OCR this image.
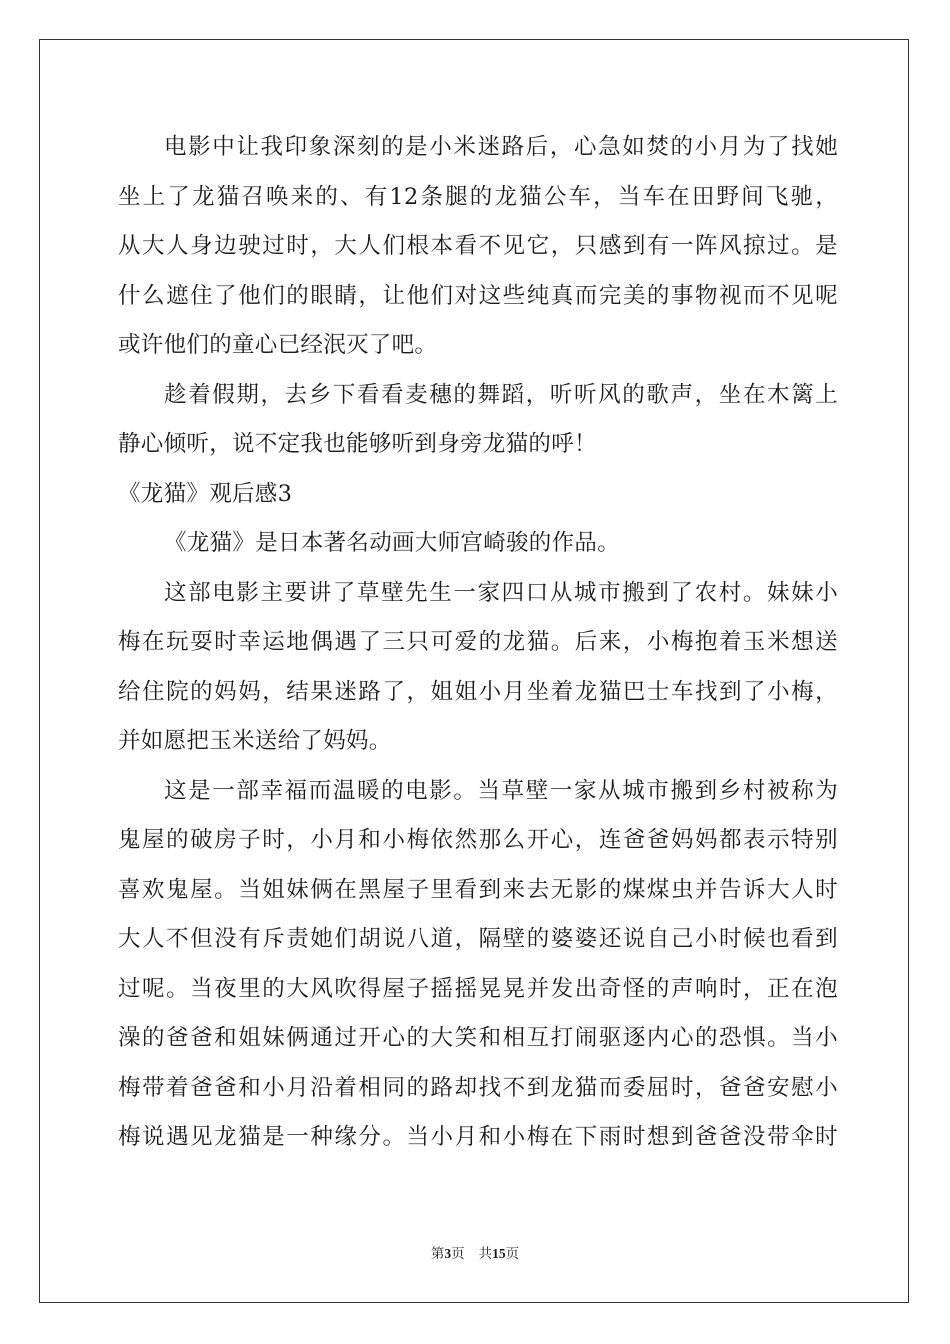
电影中让我印象深刻的是小米迷路后，心急如焚的小月为了找她
坐上了龙猫召唤来的、有12条腿的龙猫公车，当车在田野间飞驰，
从大人身边驶过时，大人们根本看不见它，只感到有一阵风掠过。是
什么遮住了他们的眼睛，让他们对这些纯真而完美的事物视而不见呢
或许他们的童心已经泯灭了吧。
趁着假期，去乡下看看麦穗的舞蹈，听听风的歌声，坐在木篱上
静心倾听，说不定我也能够听到身旁龙猫的呼！
《龙猫》观后感3
《龙猫》是日本著名动画大师宫崎骏的作品。
这部电影主要讲了草壁先生一家四口从城市搬到了农村。妹妹小
梅在玩耍时幸运地偶遇了三只可爱的龙猫。后来，小梅抱着玉米想送
给住院的妈妈，结果迷路了，姐姐小月坐着龙猫巴士车找到了小梅，
并如愿把玉米送给了妈妈。
这是一部幸福而温暖的电影。当草壁一家从城市搬到乡村被称为
鬼屋的破房子时，小月和小梅依然那么开心，连爸爸妈妈都表示特别
喜欢鬼屋。当姐妹俩在黑屋子里看到来去无影的煤煤虫并告诉大人时
大人不但没有斥责她们胡说八道，隔壁的婆婆还说自己小时候也看到
过呢。当夜里的大风吹得屋子摇摇晃晃并发出奇怪的声响时，正在泡
澡的爸爸和姐妹俩通过开心的大笑和相互打闹驱逐内心的恐惧。当小
梅带着爸爸和小月沿着相同的路却找不到龙猫而委屈时，爸爸安慰小
梅说遇见龙猫是一种缘分。当小月和小梅在下雨时想到爸爸没带伞时
第3页 共15页
